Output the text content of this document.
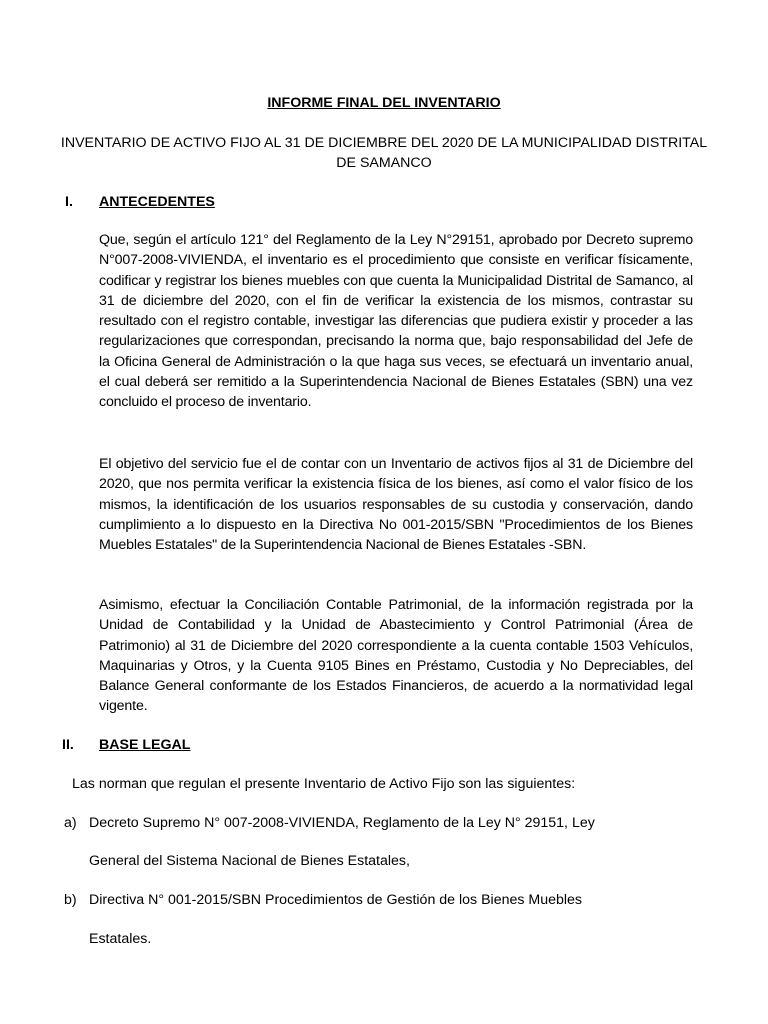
INFORME FINAL DEL INVENTARIO
INVENTARIO DE ACTIVO FIJO AL 31 DE DICIEMBRE DEL 2020 DE LA MUNICIPALIDAD DISTRITAL
DE SAMANCO
I. ANTECEDENTES
Que, según el artículo 121° del Reglamento de la Ley N°29151, aprobado por Decreto supremo N°007-2008-VIVIENDA, el inventario es el procedimiento que consiste en verificar físicamente, codificar y registrar los bienes muebles con que cuenta la Municipalidad Distrital de Samanco, al 31 de diciembre del 2020, con el fin de verificar la existencia de los mismos, contrastar su resultado con el registro contable, investigar las diferencias que pudiera existir y proceder a las regularizaciones que correspondan, precisando la norma que, bajo responsabilidad del Jefe de la Oficina General de Administración o la que haga sus veces, se efectuará un inventario anual, el cual deberá ser remitido a la Superintendencia Nacional de Bienes Estatales (SBN) una vez concluido el proceso de inventario.
El objetivo del servicio fue el de contar con un Inventario de activos fijos al 31 de Diciembre del 2020, que nos permita verificar la existencia física de los bienes, así como el valor físico de los mismos, la identificación de los usuarios responsables de su custodia y conservación, dando cumplimiento a lo dispuesto en la Directiva No 001-2015/SBN "Procedimientos de los Bienes Muebles Estatales" de la Superintendencia Nacional de Bienes Estatales -SBN.
Asimismo, efectuar la Conciliación Contable Patrimonial, de la información registrada por la Unidad de Contabilidad y la Unidad de Abastecimiento y Control Patrimonial (Área de Patrimonio) al 31 de Diciembre del 2020 correspondiente a la cuenta contable 1503 Vehículos, Maquinarias y Otros, y la Cuenta 9105 Bines en Préstamo, Custodia y No Depreciables, del Balance General conformante de los Estados Financieros, de acuerdo a la normatividad legal vigente.
II. BASE LEGAL
Las norman que regulan el presente Inventario de Activo Fijo son las siguientes:
a) Decreto Supremo N° 007-2008-VIVIENDA, Reglamento de la Ley N° 29151, Ley
General del Sistema Nacional de Bienes Estatales,
b) Directiva N° 001-2015/SBN Procedimientos de Gestión de los Bienes Muebles
Estatales.
